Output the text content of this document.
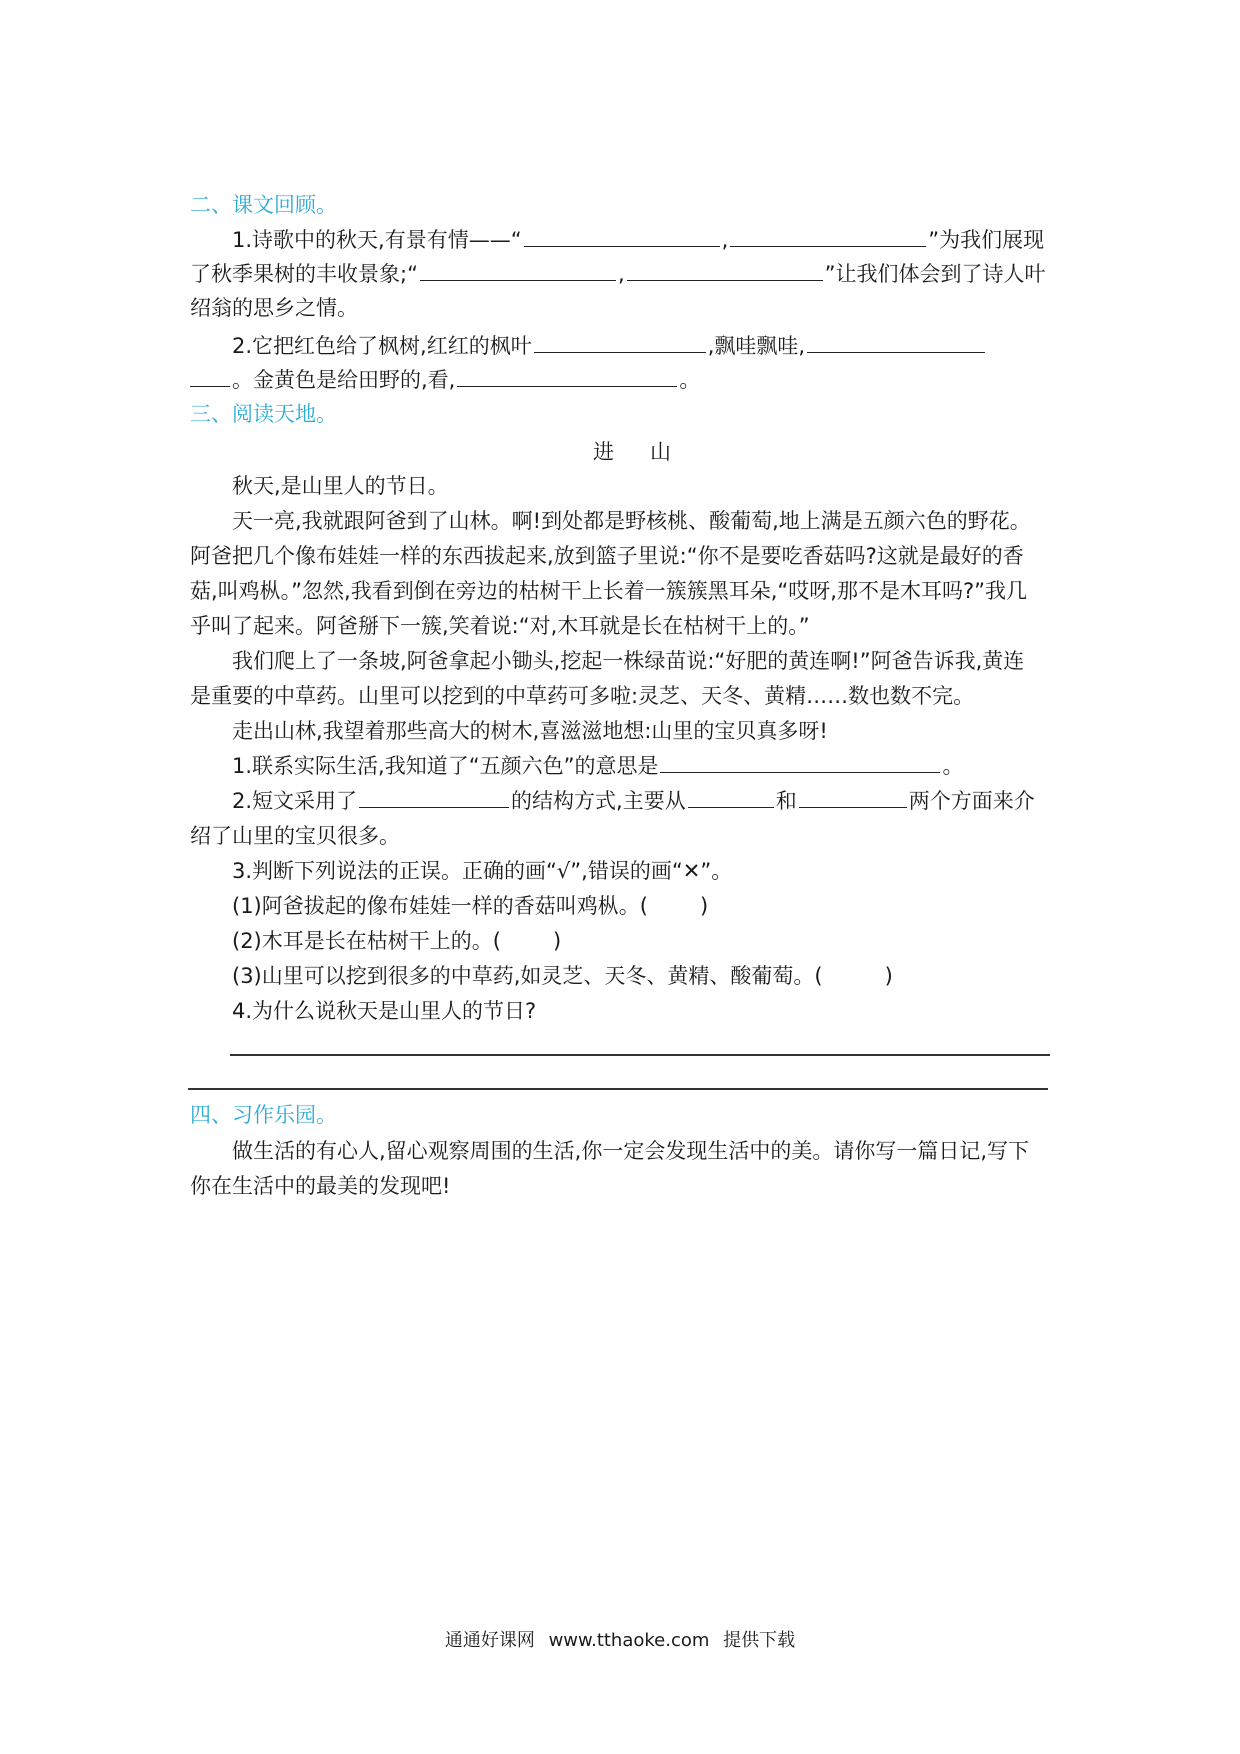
二、课文回顾。
1.诗歌中的秋天,有景有情——“	,	”为我们展现
了秋季果树的丰收景象;“	,	”让我们体会到了诗人叶
绍翁的思乡之情。
2.它把红色给了枫树,红红的枫叶	,飘哇飘哇,
。金黄色是给田野的,看,	。
三、阅读天地。
进山
秋天,是山里人的节日。
天一亮,我就跟阿爸到了山林。啊!到处都是野核桃、酸葡萄,地上满是五颜六色的野花。
阿爸把几个像布娃娃一样的东西拔起来,放到篮子里说:“你不是要吃香菇吗?这就是最好的香
菇,叫鸡枞。”忽然,我看到倒在旁边的枯树干上长着一簇簇黑耳朵,“哎呀,那不是木耳吗?”我几
乎叫了起来。阿爸掰下一簇,笑着说:“对,木耳就是长在枯树干上的。”
我们爬上了一条坡,阿爸拿起小锄头,挖起一株绿苗说:“好肥的黄连啊!”阿爸告诉我,黄连
是重要的中草药。山里可以挖到的中草药可多啦:灵芝、天冬、黄精……数也数不完。
走出山林,我望着那些高大的树木,喜滋滋地想:山里的宝贝真多呀!
1.联系实际生活,我知道了“五颜六色”的意思是	。
2.短文采用了	的结构方式,主要从	和	两个方面来介
绍了山里的宝贝很多。
3.判断下列说法的正误。正确的画“√”,错误的画“✕”。
(1)阿爸拔起的像布娃娃一样的香菇叫鸡枞。( )
(2)木耳是长在枯树干上的。( )
(3)山里可以挖到很多的中草药,如灵芝、天冬、黄精、酸葡萄。(	)
4.为什么说秋天是山里人的节日?
四、习作乐园。
做生活的有心人,留心观察周围的生活,你一定会发现生活中的美。请你写一篇日记,写下
你在生活中的最美的发现吧!
通通好课网 www.tthaoke.com 提供下载
